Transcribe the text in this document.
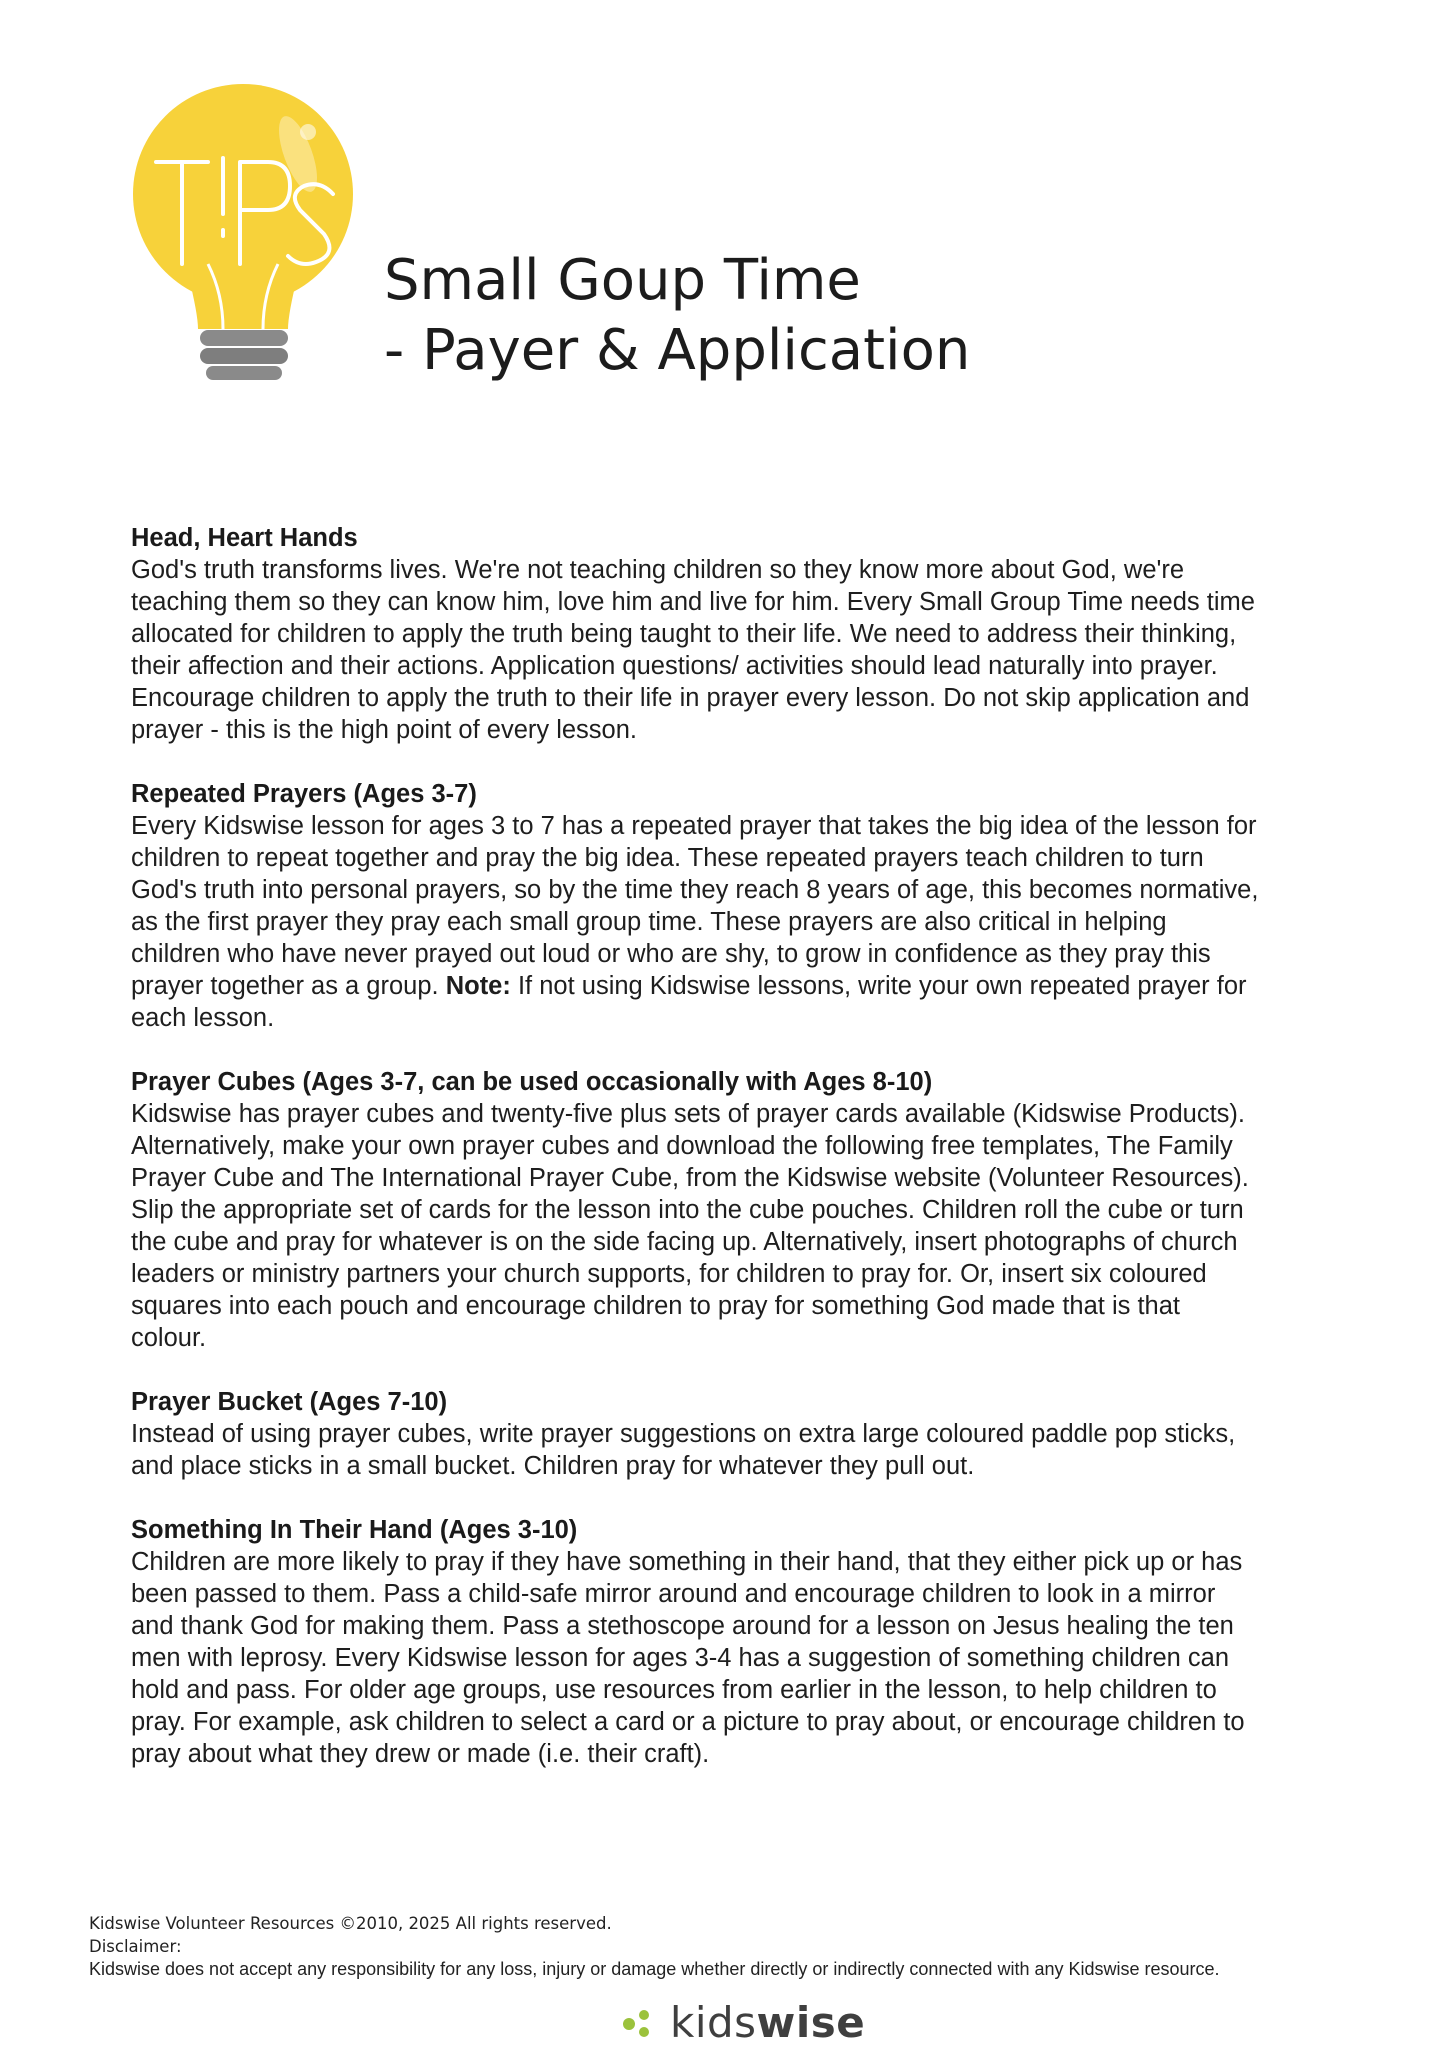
Small Goup Time
- Payer & Application
Head, Heart Hands

God's truth transforms lives. We're not teaching children so they know more about God, we're teaching them so they can know him, love him and live for him. Every Small Group Time needs time allocated for children to apply the truth being taught to their life. We need to address their thinking, their affection and their actions. Application questions/ activities should lead naturally into prayer. Encourage children to apply the truth to their life in prayer every lesson. Do not skip application and prayer - this is the high point of every lesson.

Repeated Prayers (Ages 3-7)

Every Kidswise lesson for ages 3 to 7 has a repeated prayer that takes the big idea of the lesson for children to repeat together and pray the big idea. These repeated prayers teach children to turn God's truth into personal prayers, so by the time they reach 8 years of age, this becomes normative, as the first prayer they pray each small group time. These prayers are also critical in helping children who have never prayed out loud or who are shy, to grow in confidence as they pray this prayer together as a group. Note: If not using Kidswise lessons, write your own repeated prayer for each lesson.

Prayer Cubes (Ages 3-7, can be used occasionally with Ages 8-10)

Kidswise has prayer cubes and twenty-five plus sets of prayer cards available (Kidswise Products). Alternatively, make your own prayer cubes and download the following free templates, The Family Prayer Cube and The International Prayer Cube, from the Kidswise website (Volunteer Resources). Slip the appropriate set of cards for the lesson into the cube pouches. Children roll the cube or turn the cube and pray for whatever is on the side facing up. Alternatively, insert photographs of church leaders or ministry partners your church supports, for children to pray for. Or, insert six coloured squares into each pouch and encourage children to pray for something God made that is that colour.

Prayer Bucket (Ages 7-10)

Instead of using prayer cubes, write prayer suggestions on extra large coloured paddle pop sticks, and place sticks in a small bucket. Children pray for whatever they pull out.

Something In Their Hand (Ages 3-10)

Children are more likely to pray if they have something in their hand, that they either pick up or has been passed to them. Pass a child-safe mirror around and encourage children to look in a mirror and thank God for making them. Pass a stethoscope around for a lesson on Jesus healing the ten men with leprosy. Every Kidswise lesson for ages 3-4 has a suggestion of something children can hold and pass. For older age groups, use resources from earlier in the lesson, to help children to pray. For example, ask children to select a card or a picture to pray about, or encourage children to pray about what they drew or made (i.e. their craft).

Kidswise Volunteer Resources ©2010, 2025 All rights reserved.
Disclaimer:
Kidswise does not accept any responsibility for any loss, injury or damage whether directly or indirectly connected with any Kidswise resource.
kidswise
